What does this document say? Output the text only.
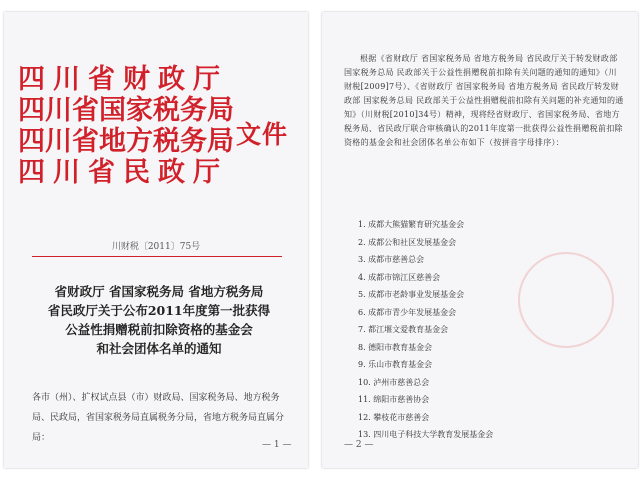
四川省财政厅
四川省国家税务局
四川省地方税务局
四川省民政厅
文件
川财税〔2011〕75号
省财政厅 省国家税务局 省地方税务局
省民政厅关于公布2011年度第一批获得
公益性捐赠税前扣除资格的基金会
和社会团体名单的通知
各市（州）、扩权试点县（市）财政局、国家税务局、地方税务局、民政局，省国家税务局直属税务分局，省地方税务局直属分局：
— 1 —
根据《省财政厅 省国家税务局 省地方税务局 省民政厅关于转发财政部 国家税务总局 民政部关于公益性捐赠税前扣除有关问题的通知的通知》（川财税[2009]7号）、《省财政厅 省国家税务局 省地方税务局 省民政厅转发财政部 国家税务总局 民政部关于公益性捐赠税前扣除有关问题的补充通知的通知》（川财税[2010]34号）精神，现将经省财政厅、省国家税务局、省地方税务局、省民政厅联合审核确认的2011年度第一批获得公益性捐赠税前扣除资格的基金会和社会团体名单公布如下（按拼音字母排序）：
1. 成都大熊猫繁育研究基金会
2. 成都公和社区发展基金会
3. 成都市慈善总会
4. 成都市锦江区慈善会
5. 成都市老龄事业发展基金会
6. 成都市青少年发展基金会
7. 都江堰文爱教育基金会
8. 德阳市教育基金会
9. 乐山市教育基金会
10. 泸州市慈善总会
11. 绵阳市慈善协会
12. 攀枝花市慈善会
13. 四川电子科技大学教育发展基金会
— 2 —
